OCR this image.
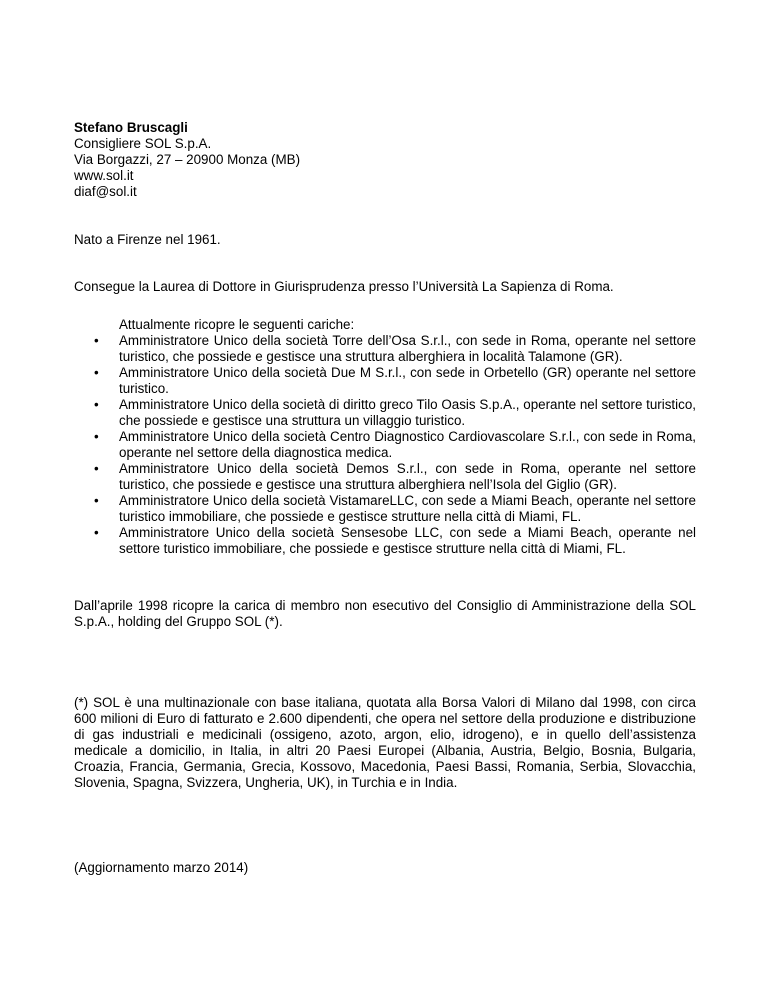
Stefano Bruscagli
Consigliere SOL S.p.A.
Via Borgazzi, 27 – 20900 Monza (MB)
www.sol.it
diaf@sol.it
Nato a Firenze nel 1961.
Consegue la Laurea di Dottore in Giurisprudenza presso l’Università La Sapienza di Roma.
Attualmente ricopre le seguenti cariche:
• Amministratore Unico della società Torre dell’Osa S.r.l., con sede in Roma, operante nel settore turistico, che possiede e gestisce una struttura alberghiera in località Talamone (GR).
• Amministratore Unico della società Due M S.r.l., con sede in Orbetello (GR) operante nel settore turistico.
• Amministratore Unico della società di diritto greco Tilo Oasis S.p.A., operante nel settore turistico, che possiede e gestisce una struttura un villaggio turistico.
• Amministratore Unico della società Centro Diagnostico Cardiovascolare S.r.l., con sede in Roma, operante nel settore della diagnostica medica.
• Amministratore Unico della società Demos S.r.l., con sede in Roma, operante nel settore turistico, che possiede e gestisce una struttura alberghiera nell’Isola del Giglio (GR).
• Amministratore Unico della società VistamareLLC, con sede a Miami Beach, operante nel settore turistico immobiliare, che possiede e gestisce strutture nella città di Miami, FL.
• Amministratore Unico della società Sensesobe LLC, con sede a Miami Beach, operante nel settore turistico immobiliare, che possiede e gestisce strutture nella città di Miami, FL.
Dall’aprile 1998 ricopre la carica di membro non esecutivo del Consiglio di Amministrazione della SOL S.p.A., holding del Gruppo SOL (*).
(*) SOL è una multinazionale con base italiana, quotata alla Borsa Valori di Milano dal 1998, con circa 600 milioni di Euro di fatturato e 2.600 dipendenti, che opera nel settore della produzione e distribuzione di gas industriali e medicinali (ossigeno, azoto, argon, elio, idrogeno), e in quello dell’assistenza medicale a domicilio, in Italia, in altri 20 Paesi Europei (Albania, Austria, Belgio, Bosnia, Bulgaria, Croazia, Francia, Germania, Grecia, Kossovo, Macedonia, Paesi Bassi, Romania, Serbia, Slovacchia, Slovenia, Spagna, Svizzera, Ungheria, UK), in Turchia e in India.
(Aggiornamento marzo 2014)
